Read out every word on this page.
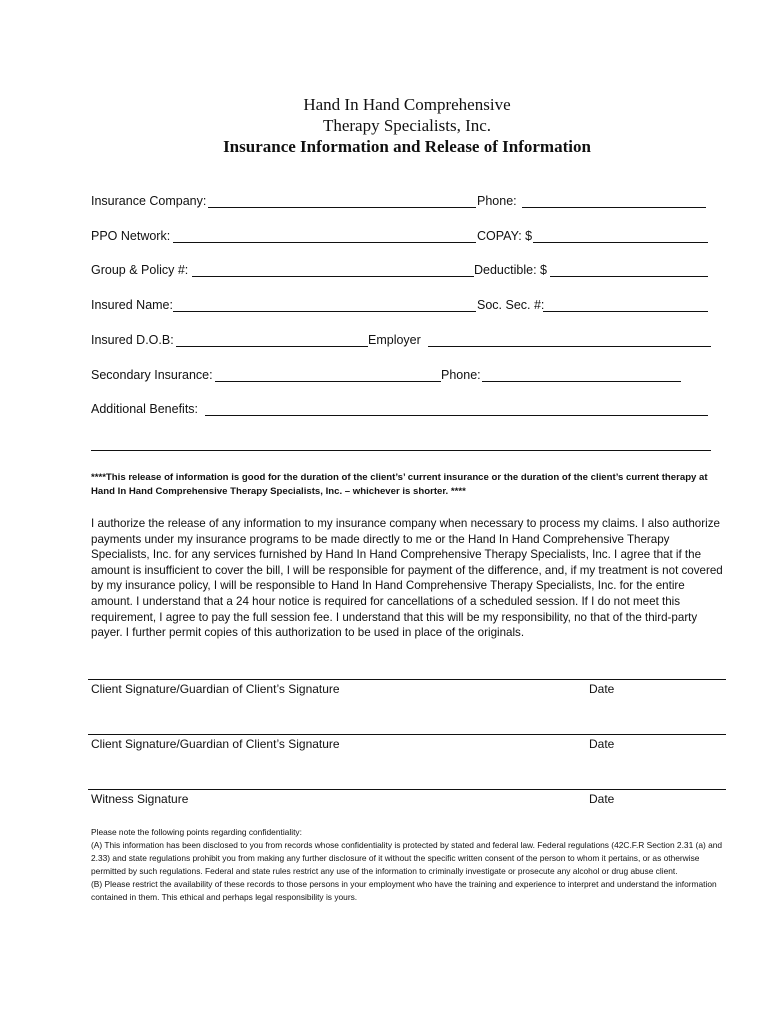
Hand In Hand Comprehensive
Therapy Specialists, Inc.
Insurance Information and Release of Information
Insurance Company:	Phone:
PPO Network:	COPAY: $
Group & Policy #:	Deductible: $
Insured Name:	Soc. Sec. #:
Insured D.O.B:	Employer
Secondary Insurance:	Phone:
Additional Benefits:
****This release of information is good for the duration of the client’s’ current insurance or the duration of the client’s current therapy at Hand In Hand Comprehensive Therapy Specialists, Inc. – whichever is shorter. ****
I authorize the release of any information to my insurance company when necessary to process my claims. I also authorize payments under my insurance programs to be made directly to me or the Hand In Hand Comprehensive Therapy Specialists, Inc. for any services furnished by Hand In Hand Comprehensive Therapy Specialists, Inc. I agree that if the amount is insufficient to cover the bill, I will be responsible for payment of the difference, and, if my treatment is not covered by my insurance policy, I will be responsible to Hand In Hand Comprehensive Therapy Specialists, Inc. for the entire amount. I understand that a 24 hour notice is required for cancellations of a scheduled session. If I do not meet this requirement, I agree to pay the full session fee. I understand that this will be my responsibility, no that of the third-party payer. I further permit copies of this authorization to be used in place of the originals.
Client Signature/Guardian of Client’s Signature	Date
Client Signature/Guardian of Client’s Signature	Date
Witness Signature	Date
Please note the following points regarding confidentiality:
(A) This information has been disclosed to you from records whose confidentiality is protected by stated and federal law. Federal regulations (42C.F.R Section 2.31 (a) and 2.33) and state regulations prohibit you from making any further disclosure of it without the specific written consent of the person to whom it pertains, or as otherwise permitted by such regulations. Federal and state rules restrict any use of the information to criminally investigate or prosecute any alcohol or drug abuse client.
(B) Please restrict the availability of these records to those persons in your employment who have the training and experience to interpret and understand the information contained in them. This ethical and perhaps legal responsibility is yours.
